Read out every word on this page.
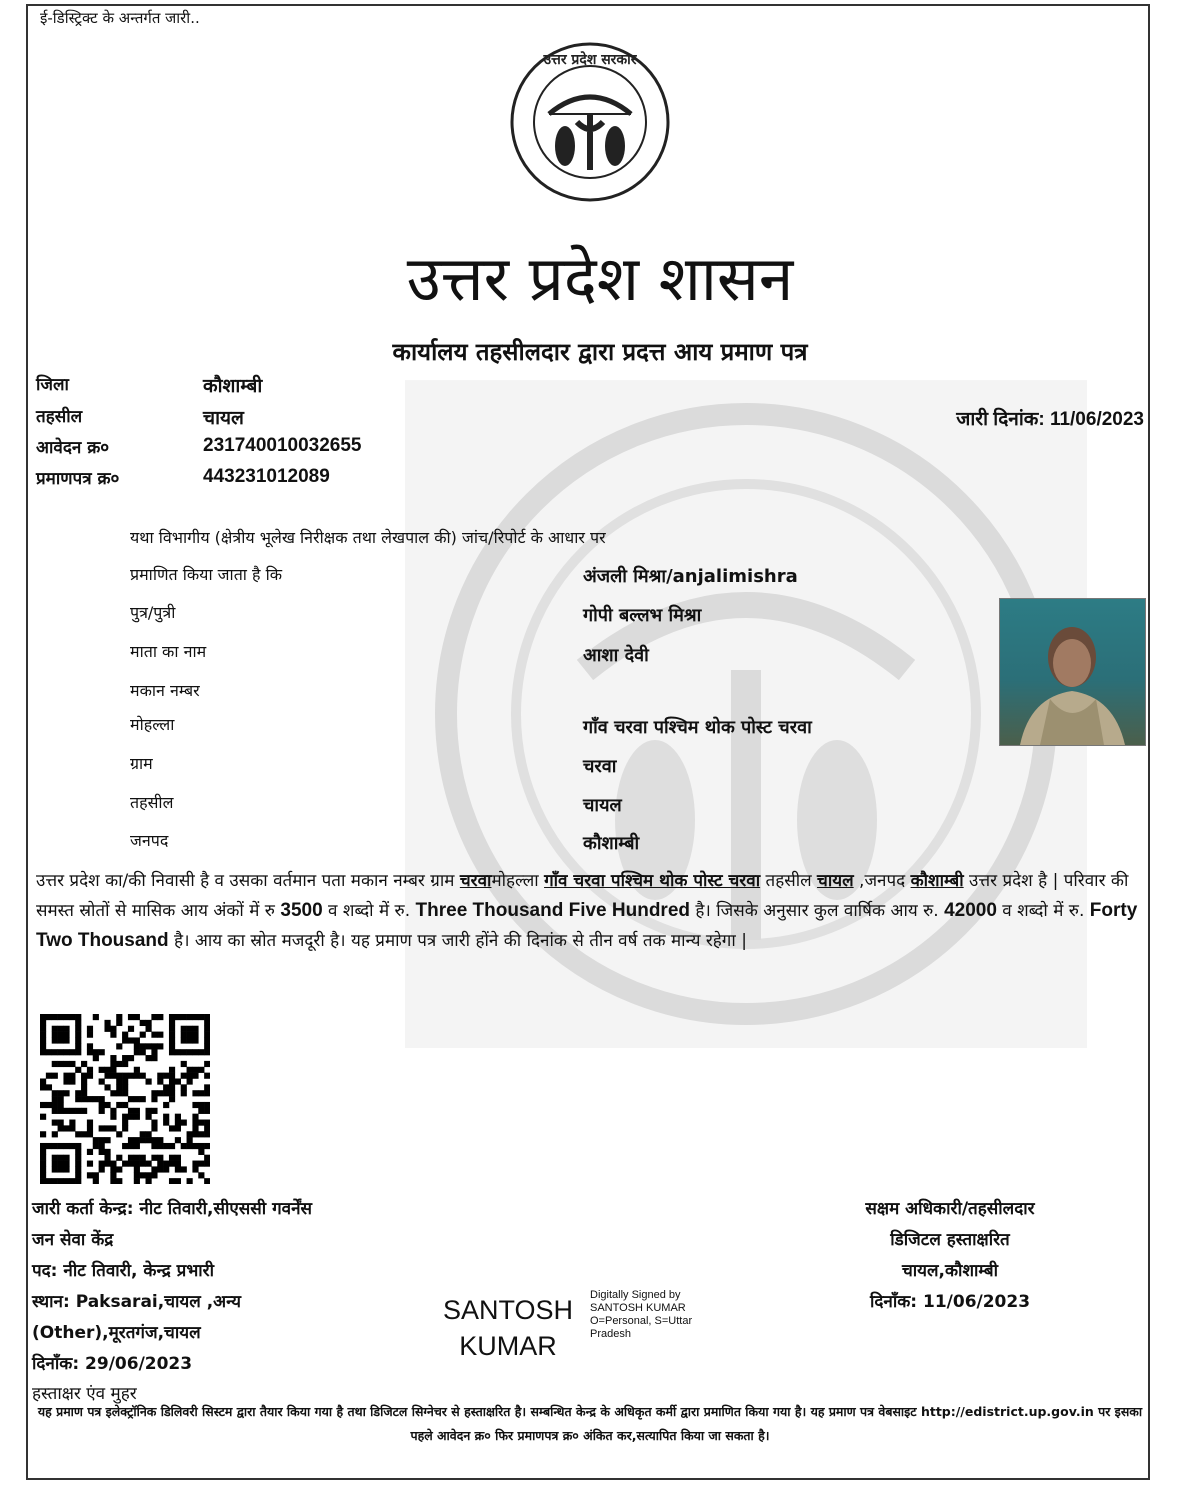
ई-डिस्ट्रिक्ट के अन्तर्गत जारी..
उत्तर प्रदेश सरकार
उत्तर प्रदेश शासन
कार्यालय तहसीलदार द्वारा प्रदत्त आय प्रमाण पत्र
जिला	कौशाम्बी
तहसील	चायल
आवेदन क्र०	231740010032655
प्रमाणपत्र क्र०	443231012089
जारी दिनांक: 11/06/2023
यथा विभागीय (क्षेत्रीय भूलेख निरीक्षक तथा लेखपाल की) जांच/रिपोर्ट के आधार पर
प्रमाणित किया जाता है कि	अंजली मिश्रा/anjalimishra
पुत्र/पुत्री	गोपी बल्लभ मिश्रा
माता का नाम	आशा देवी
मकान नम्बर
मोहल्ला	गाँव चरवा पश्चिम थोक पोस्ट चरवा
ग्राम	चरवा
तहसील	चायल
जनपद	कौशाम्बी
उत्तर प्रदेश का/की निवासी है व उसका वर्तमान पता मकान नम्बर ग्राम चरवामोहल्ला गाँव चरवा पश्चिम थोक पोस्ट चरवा तहसील चायल ,जनपद कौशाम्बी उत्तर प्रदेश है | परिवार की समस्त स्रोतों से मासिक आय अंकों में रु 3500 व शब्दो में रु. Three Thousand Five Hundred है। जिसके अनुसार कुल वार्षिक आय रु. 42000 व शब्दो में रु. Forty Two Thousand है। आय का स्रोत मजदूरी है। यह प्रमाण पत्र जारी होंने की दिनांक से तीन वर्ष तक मान्य रहेगा |
जारी कर्ता केन्द्र: नीट तिवारी,सीएससी गवर्नेंस
जन सेवा केंद्र
पद: नीट तिवारी, केन्द्र प्रभारी
स्थान: Paksarai,चायल ,अन्य
(Other),मूरतगंज,चायल
दिनाँक: 29/06/2023
हस्ताक्षर एंव मुहर
SANTOSH
KUMAR
Digitally Signed by SANTOSH KUMAR O=Personal, S=Uttar Pradesh
सक्षम अधिकारी/तहसीलदार
डिजिटल हस्ताक्षरित
चायल,कौशाम्बी
दिनाँक: 11/06/2023
यह प्रमाण पत्र इलेक्ट्रॉनिक डिलिवरी सिस्टम द्वारा तैयार किया गया है तथा डिजिटल सिग्नेचर से हस्ताक्षरित है। सम्बन्धित केन्द्र के अधिकृत कर्मी द्वारा प्रमाणित किया गया है। यह प्रमाण पत्र वेबसाइट http://edistrict.up.gov.in पर इसका पहले आवेदन क्र० फिर प्रमाणपत्र क्र० अंकित कर,सत्यापित किया जा सकता है।
